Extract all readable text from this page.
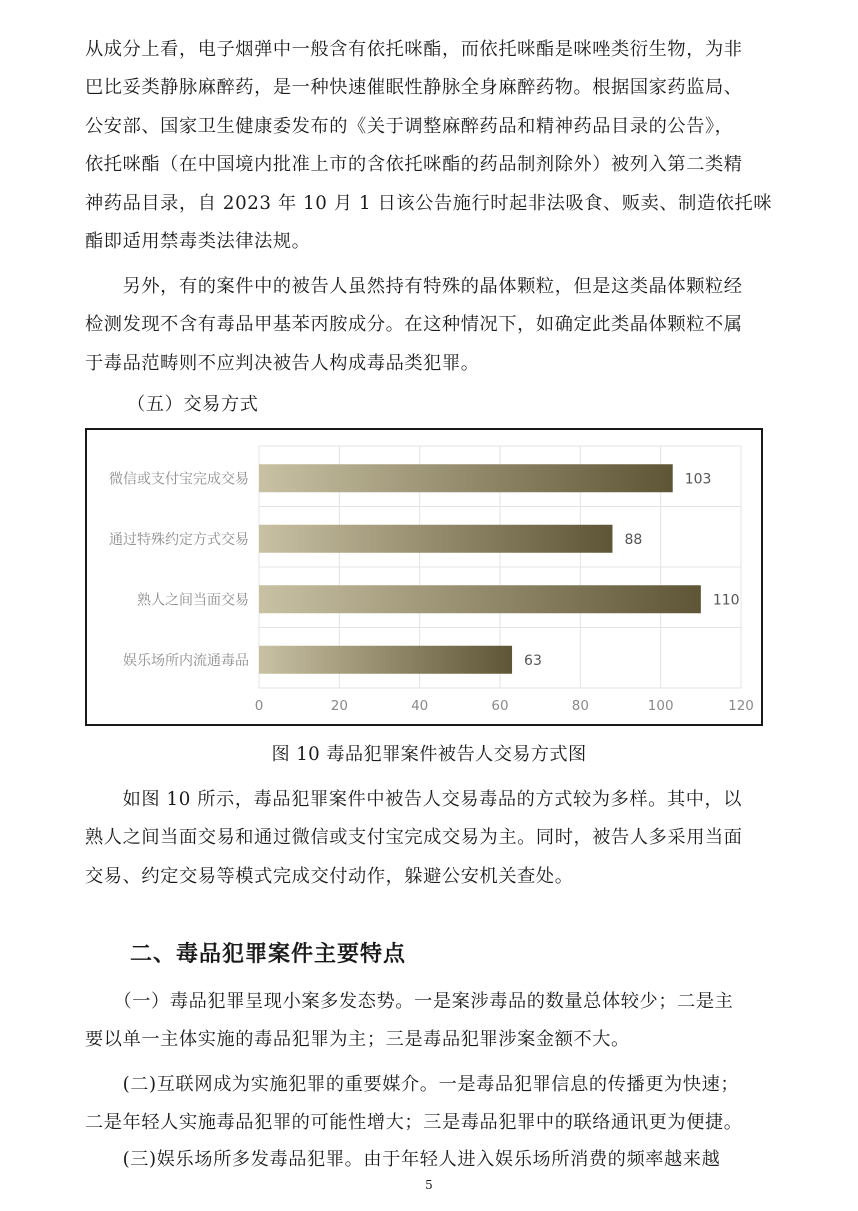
从成分上看，电子烟弹中一般含有依托咪酯，而依托咪酯是咪唑类衍生物，为非
巴比妥类静脉麻醉药，是一种快速催眠性静脉全身麻醉药物。根据国家药监局、
公安部、国家卫生健康委发布的《关于调整麻醉药品和精神药品目录的公告》，
依托咪酯（在中国境内批准上市的含依托咪酯的药品制剂除外）被列入第二类精
神药品目录，自 2023 年 10 月 1 日该公告施行时起非法吸食、贩卖、制造依托咪
酯即适用禁毒类法律法规。
　　另外，有的案件中的被告人虽然持有特殊的晶体颗粒，但是这类晶体颗粒经
检测发现不含有毒品甲基苯丙胺成分。在这种情况下，如确定此类晶体颗粒不属
于毒品范畴则不应判决被告人构成毒品类犯罪。

（五）交易方式

0	20	40	60	80	100	120
微信或支付宝完成交易	103
通过特殊约定方式交易	88
熟人之间当面交易	110
娱乐场所内流通毒品	63

图 10 毒品犯罪案件被告人交易方式图

　　如图 10 所示，毒品犯罪案件中被告人交易毒品的方式较为多样。其中，以
熟人之间当面交易和通过微信或支付宝完成交易为主。同时，被告人多采用当面
交易、约定交易等模式完成交付动作，躲避公安机关查处。
二、毒品犯罪案件主要特点
　　（一）毒品犯罪呈现小案多发态势。一是案涉毒品的数量总体较少；二是主
要以单一主体实施的毒品犯罪为主；三是毒品犯罪涉案金额不大。
　　(二)互联网成为实施犯罪的重要媒介。一是毒品犯罪信息的传播更为快速；
二是年轻人实施毒品犯罪的可能性增大；三是毒品犯罪中的联络通讯更为便捷。
　　(三)娱乐场所多发毒品犯罪。由于年轻人进入娱乐场所消费的频率越来越

5
